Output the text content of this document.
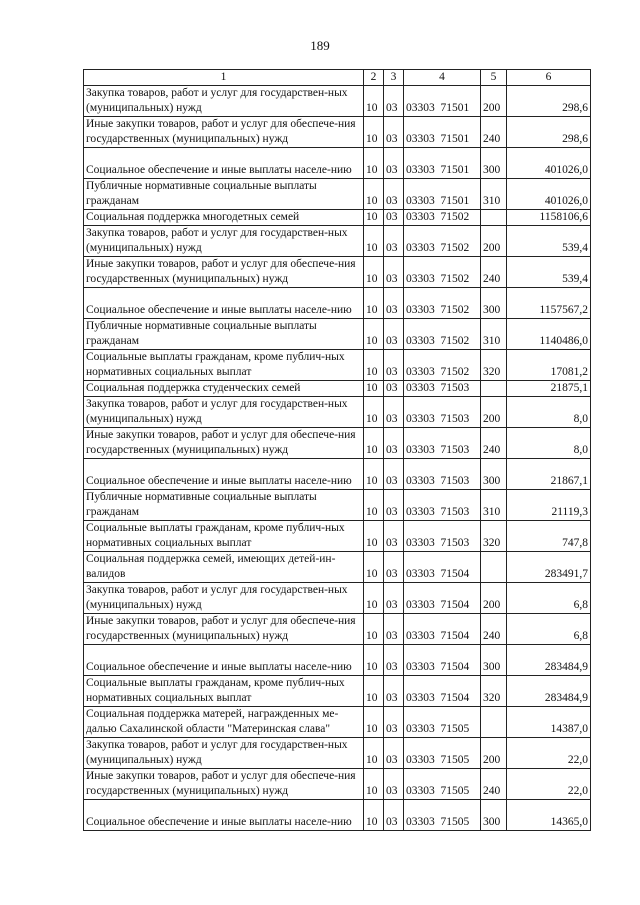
189
1	2	3	4	5	6
Закупка товаров, работ и услуг для государствен-ных (муниципальных) нужд	10	03	03303  71501	200	298,6
Иные закупки товаров, работ и услуг для обеспече-ния государственных (муниципальных) нужд	10	03	03303  71501	240	298,6
Социальное обеспечение и иные выплаты населе-нию	10	03	03303  71501	300	401026,0
Публичные нормативные социальные выплаты гражданам	10	03	03303  71501	310	401026,0
Социальная поддержка многодетных семей	10	03	03303  71502		1158106,6
Закупка товаров, работ и услуг для государствен-ных (муниципальных) нужд	10	03	03303  71502	200	539,4
Иные закупки товаров, работ и услуг для обеспече-ния государственных (муниципальных) нужд	10	03	03303  71502	240	539,4
Социальное обеспечение и иные выплаты населе-нию	10	03	03303  71502	300	1157567,2
Публичные нормативные социальные выплаты гражданам	10	03	03303  71502	310	1140486,0
Социальные выплаты гражданам, кроме публич-ных нормативных социальных выплат	10	03	03303  71502	320	17081,2
Социальная поддержка студенческих семей	10	03	03303  71503		21875,1
Закупка товаров, работ и услуг для государствен-ных (муниципальных) нужд	10	03	03303  71503	200	8,0
Иные закупки товаров, работ и услуг для обеспече-ния государственных (муниципальных) нужд	10	03	03303  71503	240	8,0
Социальное обеспечение и иные выплаты населе-нию	10	03	03303  71503	300	21867,1
Публичные нормативные социальные выплаты гражданам	10	03	03303  71503	310	21119,3
Социальные выплаты гражданам, кроме публич-ных нормативных социальных выплат	10	03	03303  71503	320	747,8
Социальная поддержка семей, имеющих детей-ин-валидов	10	03	03303  71504		283491,7
Закупка товаров, работ и услуг для государствен-ных (муниципальных) нужд	10	03	03303  71504	200	6,8
Иные закупки товаров, работ и услуг для обеспече-ния государственных (муниципальных) нужд	10	03	03303  71504	240	6,8
Социальное обеспечение и иные выплаты населе-нию	10	03	03303  71504	300	283484,9
Социальные выплаты гражданам, кроме публич-ных нормативных социальных выплат	10	03	03303  71504	320	283484,9
Социальная поддержка матерей, награжденных ме-далью Сахалинской области "Материнская слава"	10	03	03303  71505		14387,0
Закупка товаров, работ и услуг для государствен-ных (муниципальных) нужд	10	03	03303  71505	200	22,0
Иные закупки товаров, работ и услуг для обеспече-ния государственных (муниципальных) нужд	10	03	03303  71505	240	22,0
Социальное обеспечение и иные выплаты населе-нию	10	03	03303  71505	300	14365,0
